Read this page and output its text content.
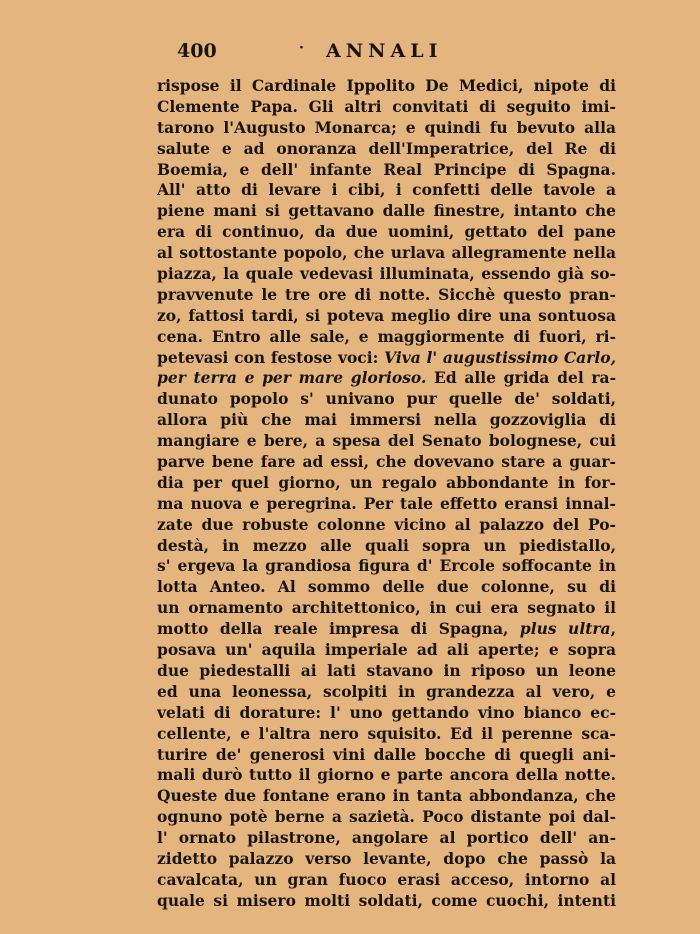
400	· ANNALI
rispose il Cardinale Ippolito De Medici, nipote di
Clemente Papa. Gli altri convitati di seguito imi-
tarono l'Augusto Monarca; e quindi fu bevuto alla
salute e ad onoranza dell'Imperatrice, del Re di
Boemia, e dell' infante Real Principe di Spagna.
All' atto di levare i cibi, i confetti delle tavole a
piene mani si gettavano dalle finestre, intanto che
era di continuo, da due uomini, gettato del pane
al sottostante popolo, che urlava allegramente nella
piazza, la quale vedevasi illuminata, essendo già so-
pravvenute le tre ore di notte. Sicchè questo pran-
zo, fattosi tardi, si poteva meglio dire una sontuosa
cena. Entro alle sale, e maggiormente di fuori, ri-
petevasi con festose voci: Viva l' augustissimo Carlo,
per terra e per mare glorioso. Ed alle grida del ra-
dunato popolo s' univano pur quelle de' soldati,
allora più che mai immersi nella gozzoviglia di
mangiare e bere, a spesa del Senato bolognese, cui
parve bene fare ad essi, che dovevano stare a guar-
dia per quel giorno, un regalo abbondante in for-
ma nuova e peregrina. Per tale effetto eransi innal-
zate due robuste colonne vicino al palazzo del Po-
destà, in mezzo alle quali sopra un piedistallo,
s' ergeva la grandiosa figura d' Ercole soffocante in
lotta Anteo. Al sommo delle due colonne, su di
un ornamento architettonico, in cui era segnato il
motto della reale impresa di Spagna, plus ultra,
posava un' aquila imperiale ad ali aperte; e sopra
due piedestalli ai lati stavano in riposo un leone
ed una leonessa, scolpiti in grandezza al vero, e
velati di dorature: l' uno gettando vino bianco ec-
cellente, e l'altra nero squisito. Ed il perenne sca-
turire de' generosi vini dalle bocche di quegli ani-
mali durò tutto il giorno e parte ancora della notte.
Queste due fontane erano in tanta abbondanza, che
ognuno potè berne a sazietà. Poco distante poi dal-
l' ornato pilastrone, angolare al portico dell' an-
zidetto palazzo verso levante, dopo che passò la
cavalcata, un gran fuoco erasi acceso, intorno al
quale si misero molti soldati, come cuochi, intenti
